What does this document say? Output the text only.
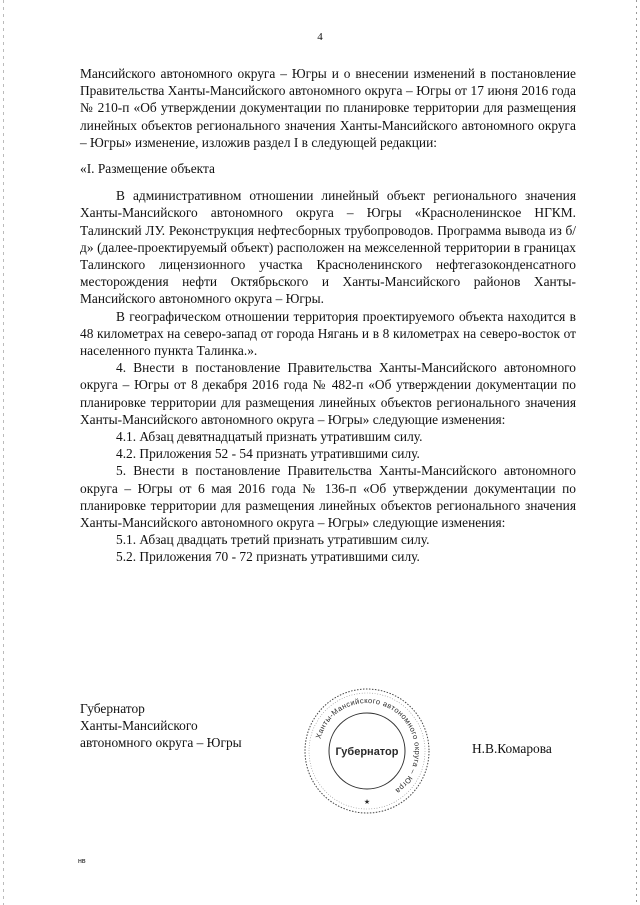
4

Мансийского автономного округа – Югры и о внесении изменений в постановление Правительства Ханты-Мансийского автономного округа – Югры от 17 июня 2016 года № 210-п «Об утверждении документации по планировке территории для размещения линейных объектов регионального значения Ханты-Мансийского автономного округа – Югры» изменение, изложив раздел I в следующей редакции:

«I. Размещение объекта

В административном отношении линейный объект регионального значения Ханты-Мансийского автономного округа – Югры «Красноленинское НГКМ. Талинский ЛУ. Реконструкция нефтесборных трубопроводов. Программа вывода из б/д» (далее-проектируемый объект) расположен на межселенной территории в границах Талинского лицензионного участка Красноленинского нефтегазоконденсатного месторождения нефти Октябрьского и Ханты-Мансийского районов Ханты-Мансийского автономного округа – Югры.

В географическом отношении территория проектируемого объекта находится в 48 километрах на северо-запад от города Нягань и в 8 километрах на северо-восток от населенного пункта Талинка.».

4. Внести в постановление Правительства Ханты-Мансийского автономного округа – Югры от 8 декабря 2016 года № 482-п «Об утверждении документации по планировке территории для размещения линейных объектов регионального значения Ханты-Мансийского автономного округа – Югры» следующие изменения:

4.1. Абзац девятнадцатый признать утратившим силу.

4.2. Приложения 52 - 54 признать утратившими силу.

5. Внести в постановление Правительства Ханты-Мансийского автономного округа – Югры от 6 мая 2016 года № 136-п «Об утверждении документации по планировке территории для размещения линейных объектов регионального значения Ханты-Мансийского автономного округа – Югры» следующие изменения:

5.1. Абзац двадцать третий признать утратившим силу.

5.2. Приложения 70 - 72 признать утратившими силу.

Губернатор
Ханты-Мансийского
автономного округа – Югры	Ханты-Мансийского автономного округа – Югра
Губернатор
★
Н.В.Комарова
нв
